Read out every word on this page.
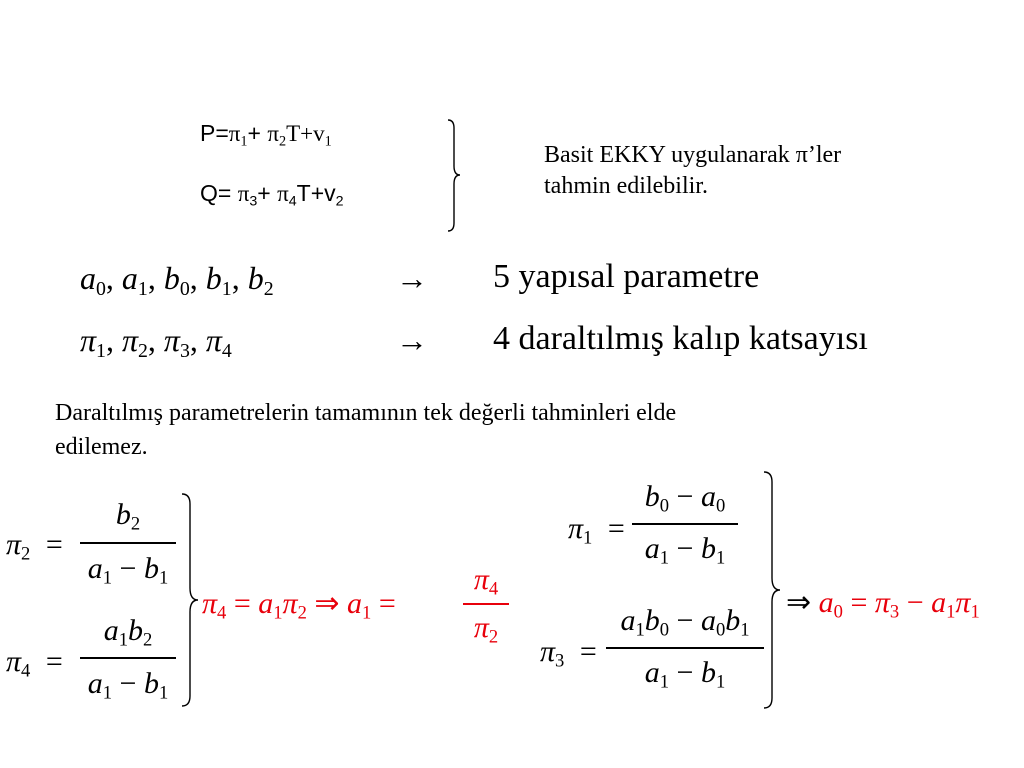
$P=\pi_1+ \pi_2T+v_1$
$Q= \pi_3+ \pi_4T+v_2$
Basit EKKY uygulanarak π’ler
tahmin edilebilir.
$a_0$, $a_1$, $b_0$, $b_1$, $b_2$	→ 5 yapısal parametre
$\pi_1$, $\pi_2$, $\pi_3$, $\pi_4$	→ 4 daraltılmış kalıp katsayısı
Daraltılmış parametrelerin tamamının tek değerli tahminleri elde
edilemez.
$\pi_2$ =
$b_2$
$a_1 - b_1$
$\pi_4$ =
$a_1b_2$
$a_1 - b_1$
$\pi_4 = a_1\pi_2$ ⇒ $a_1$ =
$\pi_4$
$\pi_2$
$\pi_1$ =
$b_0 - a_0$
$a_1 - b_1$
$\pi_3$ =
$a_1b_0 - a_0b_1$
$a_1 - b_1$
⇒ $a_0 = \pi_3 - a_1\pi_1$
